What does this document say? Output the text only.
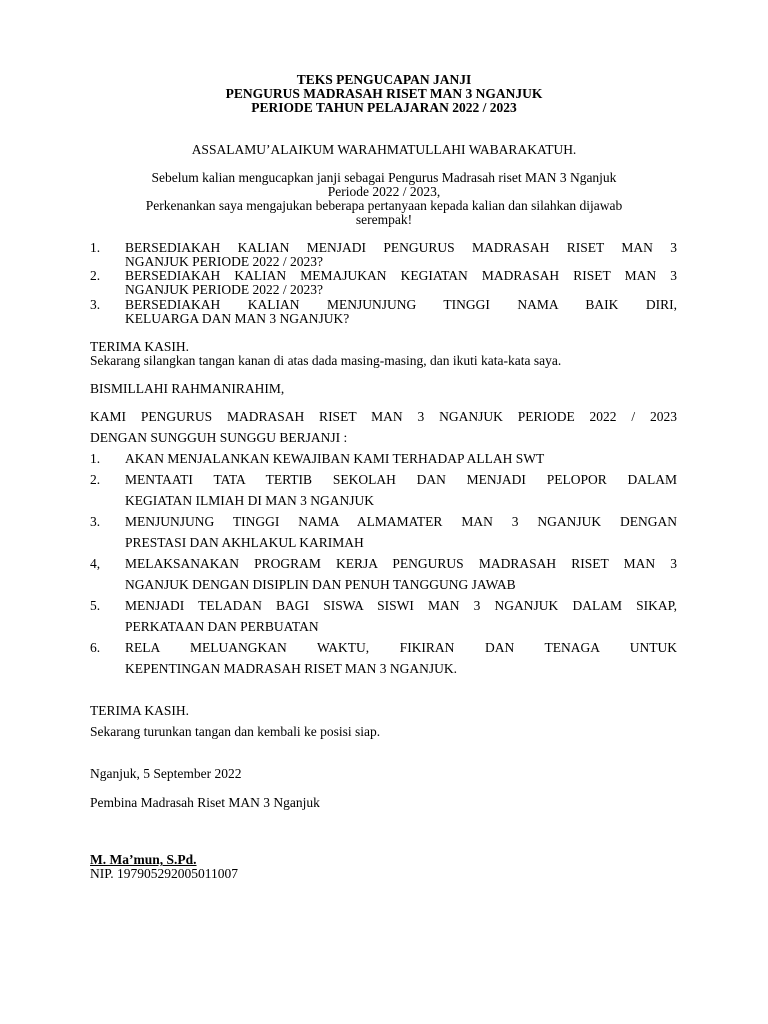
TEKS PENGUCAPAN JANJI
PENGURUS MADRASAH RISET MAN 3 NGANJUK
PERIODE TAHUN PELAJARAN 2022 / 2023
ASSALAMU’ALAIKUM WARAHMATULLAHI WABARAKATUH.
Sebelum kalian mengucapkan janji sebagai Pengurus Madrasah riset MAN 3 Nganjuk
Periode 2022 / 2023,
Perkenankan saya mengajukan beberapa pertanyaan kepada kalian dan silahkan dijawab
serempak!
1. BERSEDIAKAH KALIAN MENJADI PENGURUS MADRASAH RISET MAN 3
NGANJUK PERIODE 2022 / 2023?
2. BERSEDIAKAH KALIAN MEMAJUKAN KEGIATAN MADRASAH RISET MAN 3
NGANJUK PERIODE 2022 / 2023?
3. BERSEDIAKAH KALIAN MENJUNJUNG TINGGI NAMA BAIK DIRI,
KELUARGA DAN MAN 3 NGANJUK?
TERIMA KASIH.
Sekarang silangkan tangan kanan di atas dada masing-masing, dan ikuti kata-kata saya.
BISMILLAHI RAHMANIRAHIM,
KAMI PENGURUS MADRASAH RISET MAN 3 NGANJUK PERIODE 2022 / 2023
DENGAN SUNGGUH SUNGGU BERJANJI :
1. AKAN MENJALANKAN KEWAJIBAN KAMI TERHADAP ALLAH SWT
2. MENTAATI TATA TERTIB SEKOLAH DAN MENJADI PELOPOR DALAM
KEGIATAN ILMIAH DI MAN 3 NGANJUK
3. MENJUNJUNG TINGGI NAMA ALMAMATER MAN 3 NGANJUK DENGAN
PRESTASI DAN AKHLAKUL KARIMAH
4, MELAKSANAKAN PROGRAM KERJA PENGURUS MADRASAH RISET MAN 3
NGANJUK DENGAN DISIPLIN DAN PENUH TANGGUNG JAWAB
5. MENJADI TELADAN BAGI SISWA SISWI MAN 3 NGANJUK DALAM SIKAP,
PERKATAAN DAN PERBUATAN
6. RELA MELUANGKAN WAKTU, FIKIRAN DAN TENAGA UNTUK
KEPENTINGAN MADRASAH RISET MAN 3 NGANJUK.
TERIMA KASIH.
Sekarang turunkan tangan dan kembali ke posisi siap.
Nganjuk, 5 September 2022
Pembina Madrasah Riset MAN 3 Nganjuk
M. Ma’mun, S.Pd.
NIP. 19790529200501100​7
